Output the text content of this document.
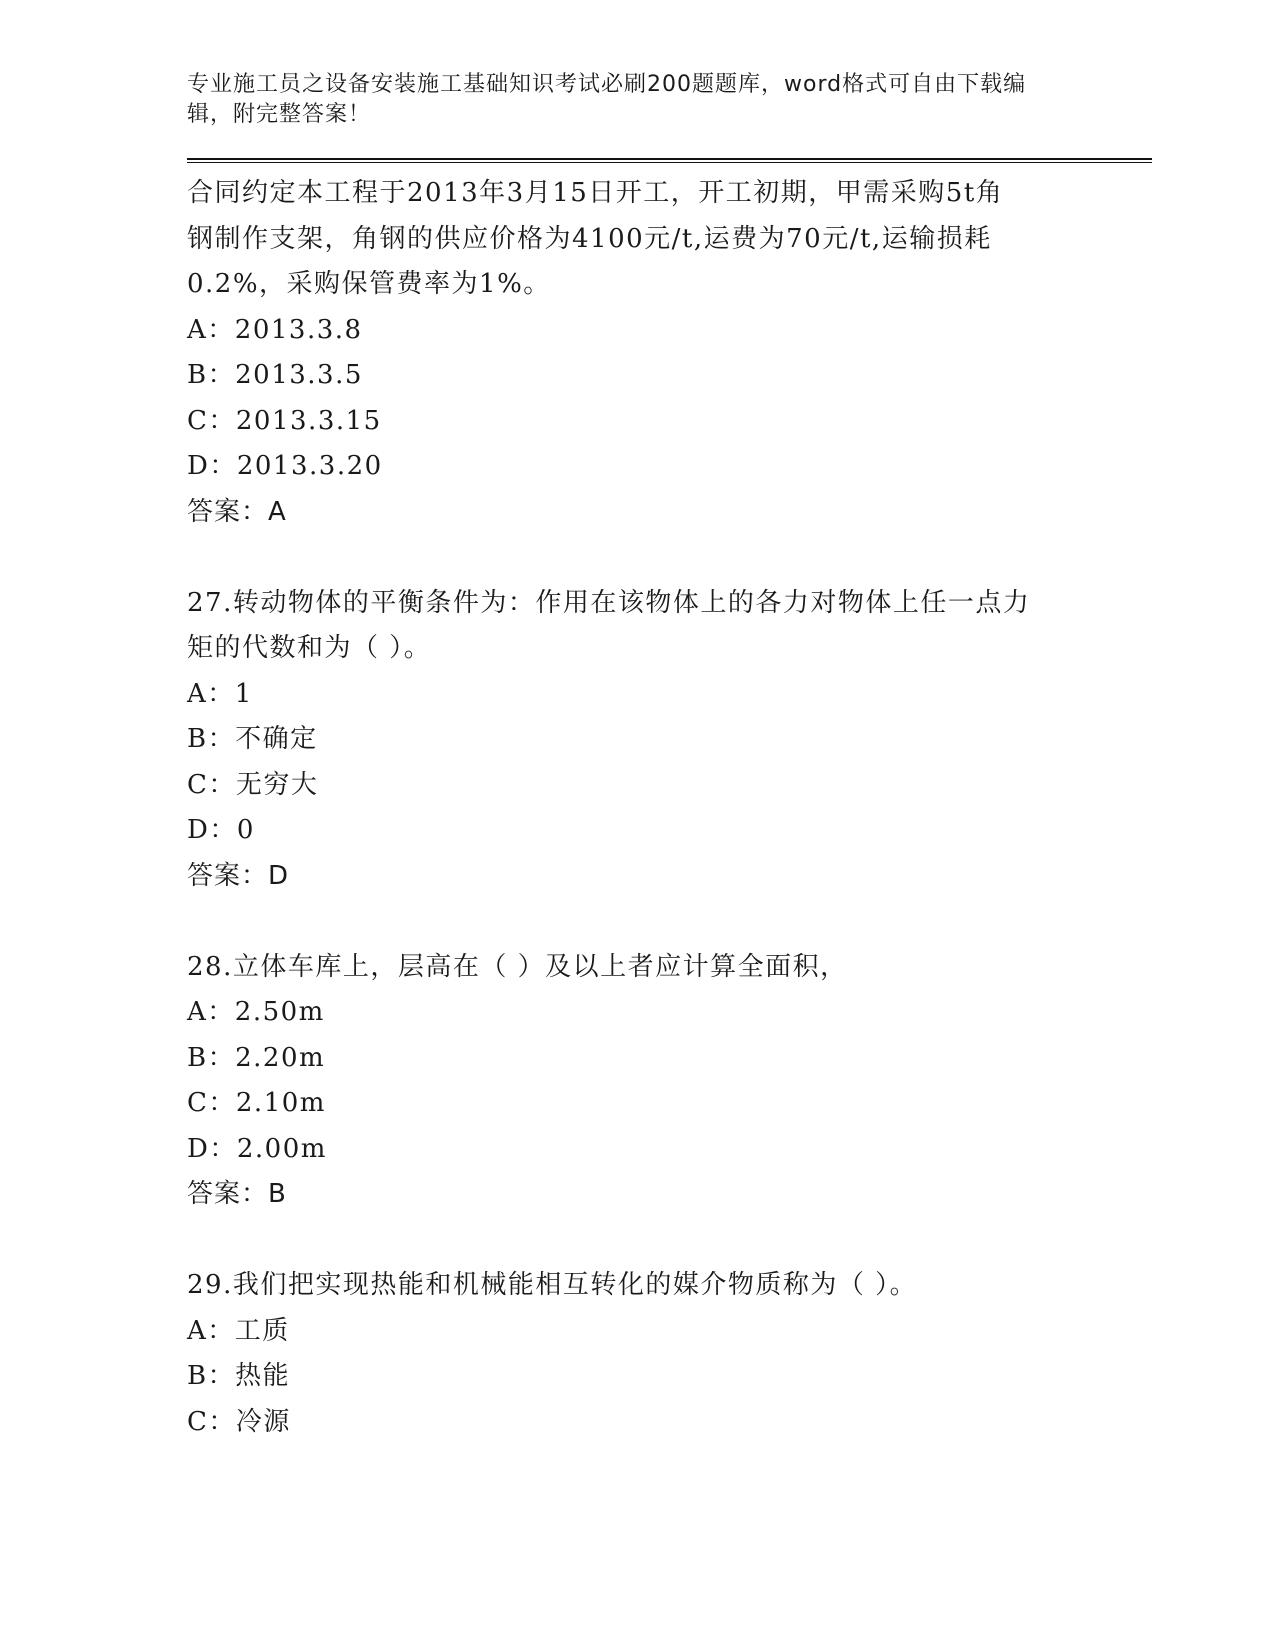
专业施工员之设备安装施工基础知识考试必刷200题题库，word格式可自由下载编辑，附完整答案！

合同约定本工程于2013年3月15日开工，开工初期，甲需采购5t角
钢制作支架，角钢的供应价格为4100元/t,运费为70元/t,运输损耗
0.2%，采购保管费率为1%。
A：2013.3.8
B：2013.3.5
C：2013.3.15
D：2013.3.20
答案：A
27.转动物体的平衡条件为：作用在该物体上的各力对物体上任一点力
矩的代数和为（ ）。
A：1
B：不确定
C：无穷大
D：0
答案：D
28.立体车库上，层高在（ ）及以上者应计算全面积，
A：2.50m
B：2.20m
C：2.10m
D：2.00m
答案：B
29.我们把实现热能和机械能相互转化的媒介物质称为（ ）。
A：工质
B：热能
C：冷源
